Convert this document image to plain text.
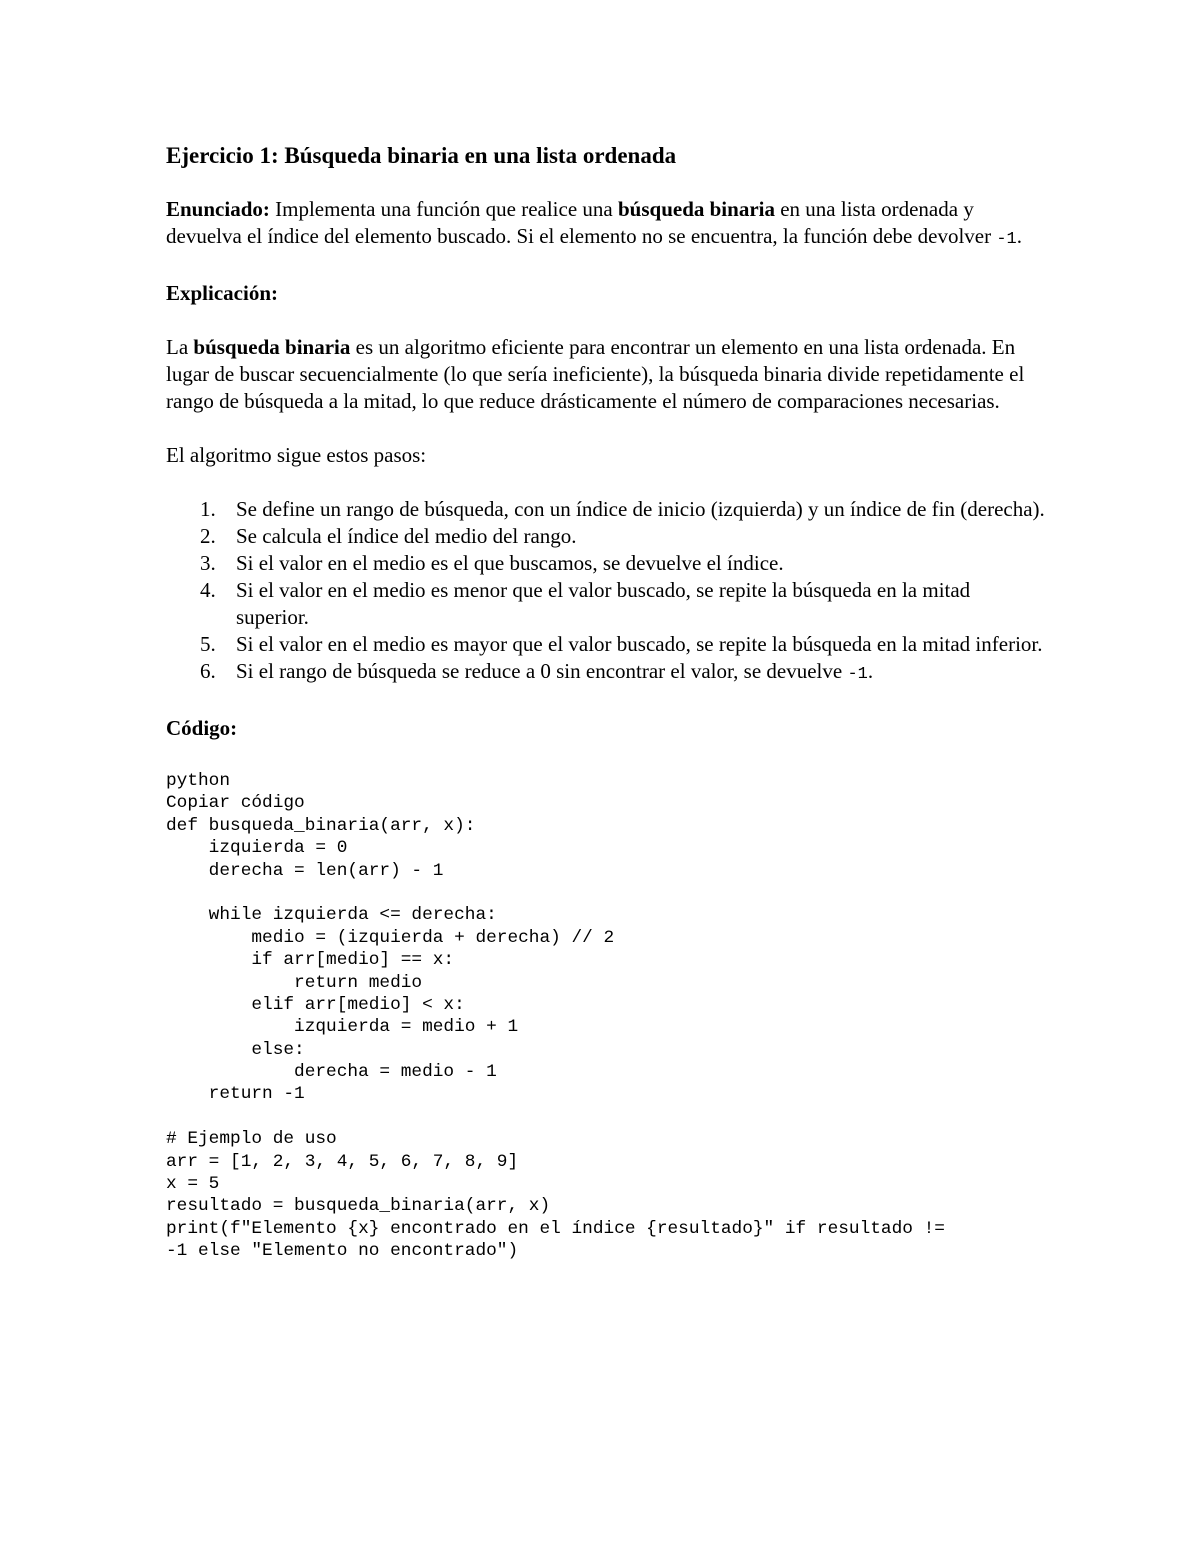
Ejercicio 1: Búsqueda binaria en una lista ordenada

Enunciado: Implementa una función que realice una búsqueda binaria en una lista ordenada y devuelva el índice del elemento buscado. Si el elemento no se encuentra, la función debe devolver -1.

Explicación:

La búsqueda binaria es un algoritmo eficiente para encontrar un elemento en una lista ordenada. En lugar de buscar secuencialmente (lo que sería ineficiente), la búsqueda binaria divide repetidamente el rango de búsqueda a la mitad, lo que reduce drásticamente el número de comparaciones necesarias.

El algoritmo sigue estos pasos:

1. Se define un rango de búsqueda, con un índice de inicio (izquierda) y un índice de fin (derecha).
2. Se calcula el índice del medio del rango.
3. Si el valor en el medio es el que buscamos, se devuelve el índice.
4. Si el valor en el medio es menor que el valor buscado, se repite la búsqueda en la mitad superior.
5. Si el valor en el medio es mayor que el valor buscado, se repite la búsqueda en la mitad inferior.
6. Si el rango de búsqueda se reduce a 0 sin encontrar el valor, se devuelve -1.

Código:

python
Copiar código
def busqueda_binaria(arr, x):
izquierda = 0
derecha = len(arr) - 1
while izquierda <= derecha:
medio = (izquierda + derecha) // 2
if arr[medio] == x:
return medio
elif arr[medio] < x:
izquierda = medio + 1
else:
derecha = medio - 1
return -1
# Ejemplo de uso
arr = [1, 2, 3, 4, 5, 6, 7, 8, 9]
x = 5
resultado = busqueda_binaria(arr, x)
print(f"Elemento {x} encontrado en el índice {resultado}" if resultado !=
-1 else "Elemento no encontrado")
